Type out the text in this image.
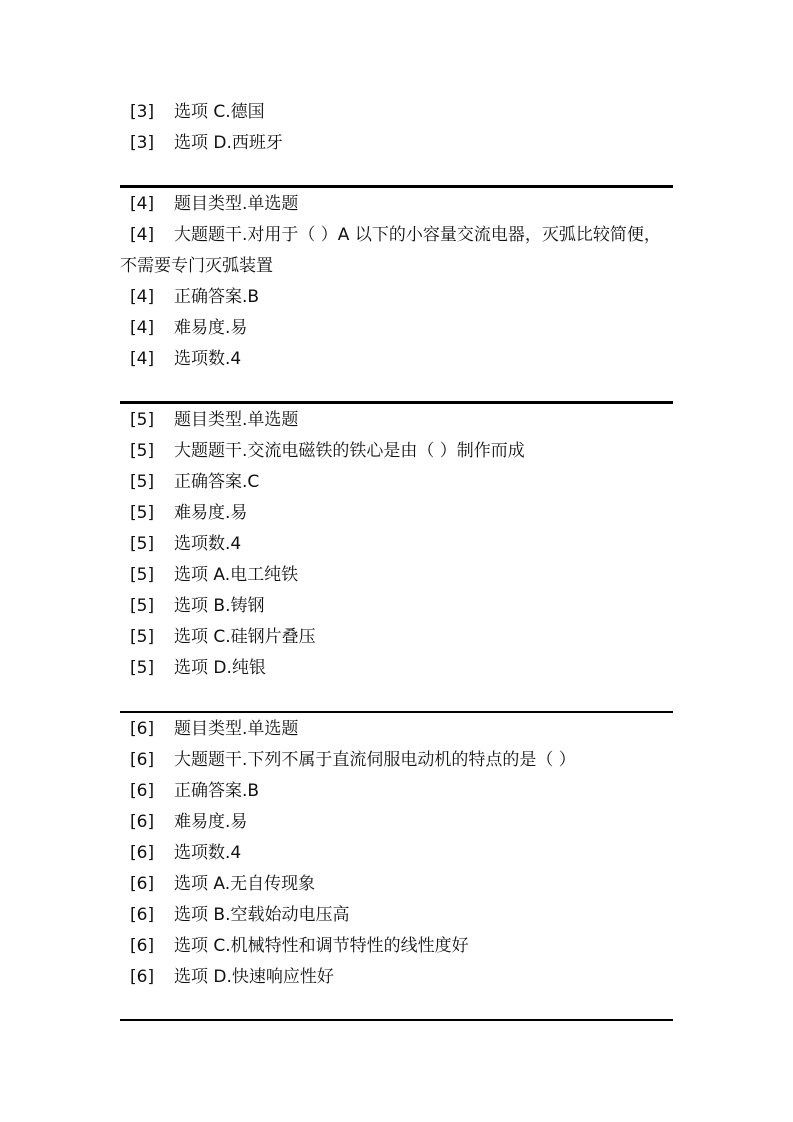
[3]	选项 C.德国
[3]	选项 D.西班牙
[4]	题目类型.单选题
[4] 大题题干.对用于（ ）A 以下的小容量交流电器，灭弧比较简便，不需要专门灭弧装置
[4]	正确答案.B
[4]	难易度.易
[4]	选项数.4
[5]	题目类型.单选题
[5]	大题题干.交流电磁铁的铁心是由（ ）制作而成
[5]	正确答案.C
[5]	难易度.易
[5]	选项数.4
[5]	选项 A.电工纯铁
[5]	选项 B.铸钢
[5]	选项 C.硅钢片叠压
[5]	选项 D.纯银
[6]	题目类型.单选题
[6]	大题题干.下列不属于直流伺服电动机的特点的是（ ）
[6]	正确答案.B
[6]	难易度.易
[6]	选项数.4
[6]	选项 A.无自传现象
[6]	选项 B.空载始动电压高
[6]	选项 C.机械特性和调节特性的线性度好
[6]	选项 D.快速响应性好
